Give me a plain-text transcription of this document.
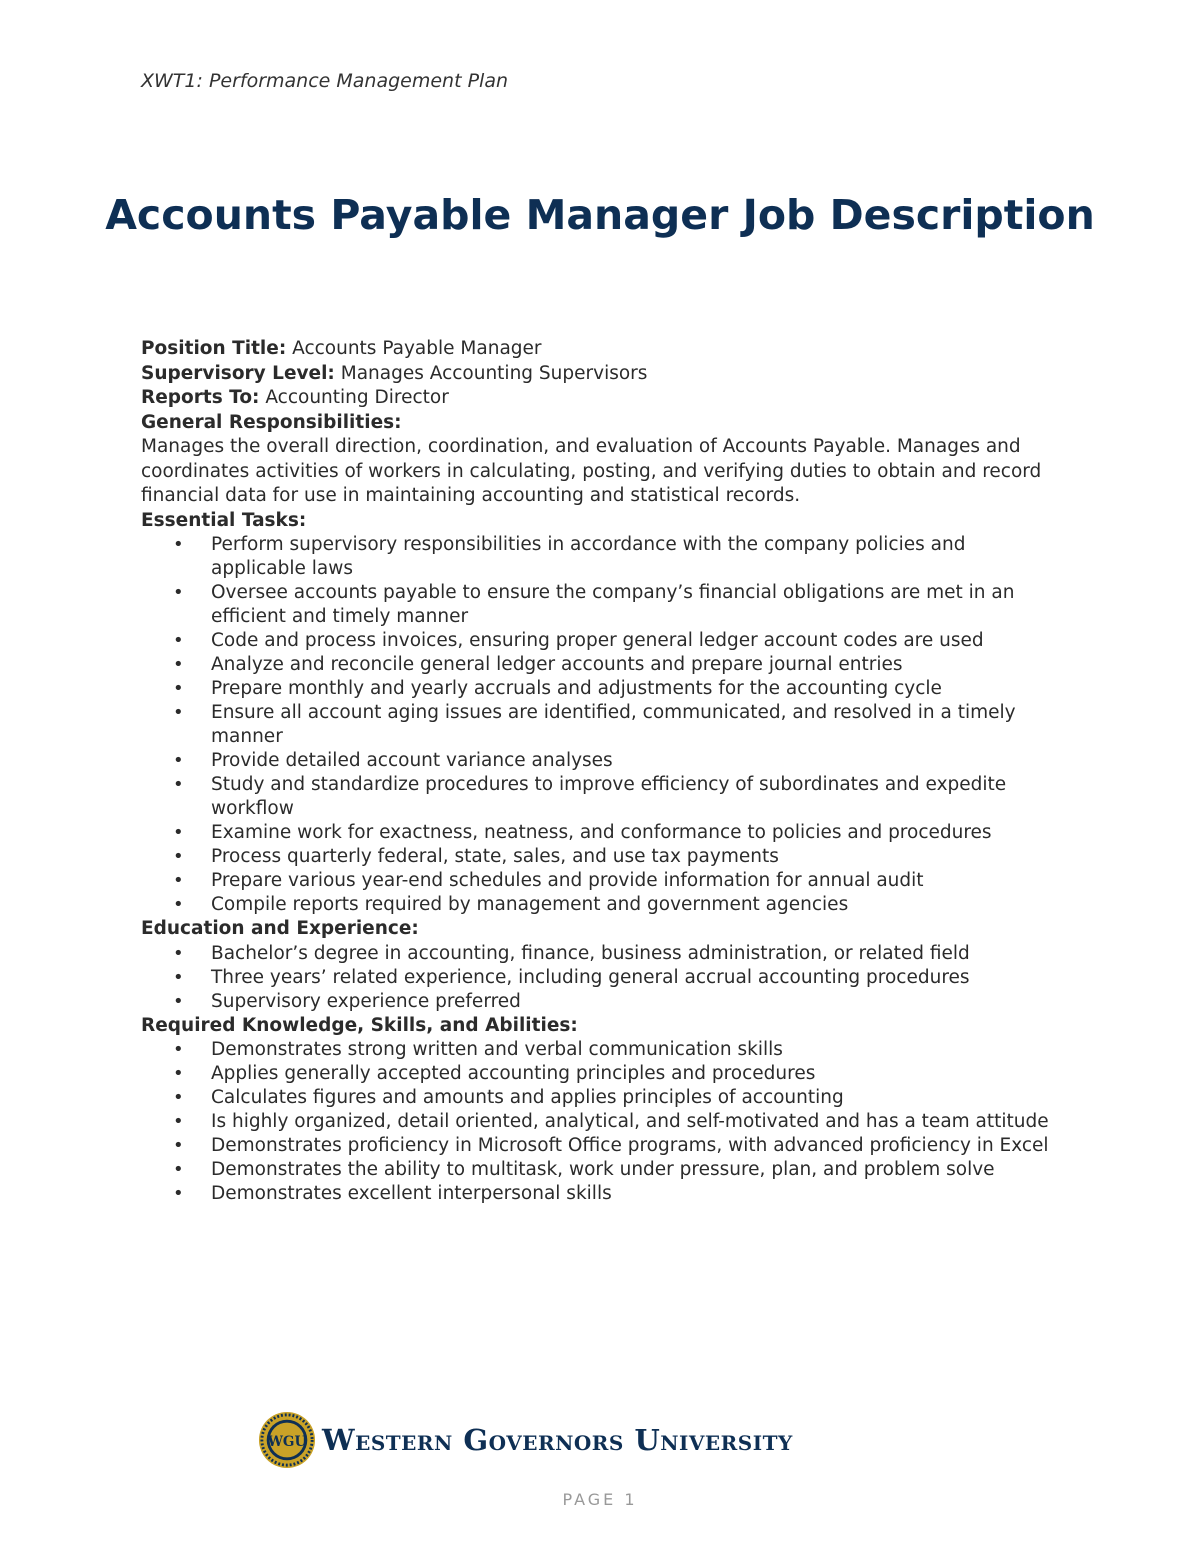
XWT1: Performance Management Plan
Accounts Payable Manager Job Description

Position Title: Accounts Payable Manager

Supervisory Level: Manages Accounting Supervisors

Reports To: Accounting Director

General Responsibilities:

Manages the overall direction, coordination, and evaluation of Accounts Payable. Manages and coordinates activities of workers in calculating, posting, and verifying duties to obtain and record financial data for use in maintaining accounting and statistical records.

Essential Tasks:

• Perform supervisory responsibilities in accordance with the company policies and applicable laws
• Oversee accounts payable to ensure the company’s financial obligations are met in an efficient and timely manner
• Code and process invoices, ensuring proper general ledger account codes are used
• Analyze and reconcile general ledger accounts and prepare journal entries
• Prepare monthly and yearly accruals and adjustments for the accounting cycle
• Ensure all account aging issues are identified, communicated, and resolved in a timely manner
• Provide detailed account variance analyses
• Study and standardize procedures to improve efficiency of subordinates and expedite workflow
• Examine work for exactness, neatness, and conformance to policies and procedures
• Process quarterly federal, state, sales, and use tax payments
• Prepare various year-end schedules and provide information for annual audit
• Compile reports required by management and government agencies

Education and Experience:

• Bachelor’s degree in accounting, finance, business administration, or related field
• Three years’ related experience, including general accrual accounting procedures
• Supervisory experience preferred

Required Knowledge, Skills, and Abilities:

• Demonstrates strong written and verbal communication skills
• Applies generally accepted accounting principles and procedures
• Calculates figures and amounts and applies principles of accounting
• Is highly organized, detail oriented, analytical, and self-motivated and has a team attitude
• Demonstrates proficiency in Microsoft Office programs, with advanced proficiency in Excel
• Demonstrates the ability to multitask, work under pressure, plan, and problem solve
• Demonstrates excellent interpersonal skills
WGU Western Governors University
PAGE 1
